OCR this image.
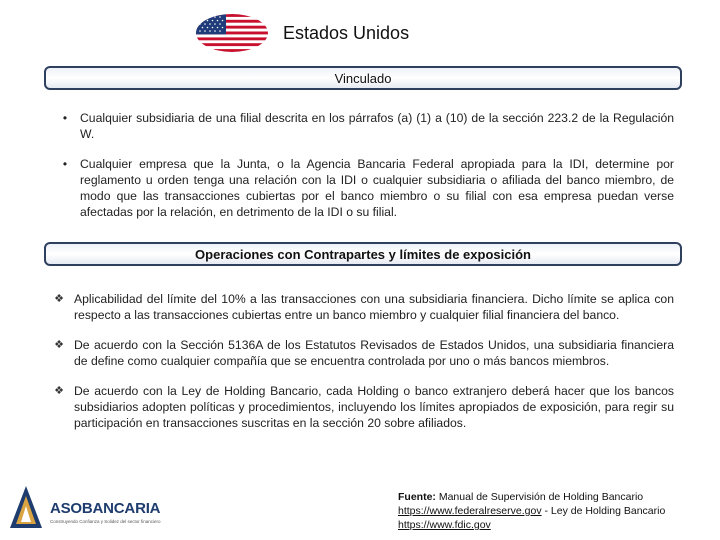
Estados Unidos
Vinculado
•	Cualquier subsidiaria de una filial descrita en los párrafos (a) (1) a (10) de la sección 223.2 de la Regulación W.
•	Cualquier empresa que la Junta, o la Agencia Bancaria Federal apropiada para la IDI, determine por reglamento u orden tenga una relación con la IDI o cualquier subsidiaria o afiliada del banco miembro, de modo que las transacciones cubiertas por el banco miembro o su filial con esa empresa puedan verse afectadas por la relación, en detrimento de la IDI o su filial.
Operaciones con Contrapartes y límites de exposición
❖ Aplicabilidad del límite del 10% a las transacciones con una subsidiaria financiera. Dicho límite se aplica con respecto a las transacciones cubiertas entre un banco miembro y cualquier filial financiera del banco.
❖ De acuerdo con la Sección 5136A de los Estatutos Revisados de Estados Unidos, una subsidiaria financiera de define como cualquier compañía que se encuentra controlada por uno o más bancos miembros.
❖ De acuerdo con la Ley de Holding Bancario, cada Holding o banco extranjero deberá hacer que los bancos subsidiarios adopten políticas y procedimientos, incluyendo los límites apropiados de exposición, para regir su participación en transacciones suscritas en la sección 20 sobre afiliados.
ASOBANCARIA
Construyendo Confianza y Solidez del sector financiero
Fuente: Manual de Supervisión de Holding Bancario
https://www.federalreserve.gov - Ley de Holding Bancario
https://www.fdic.gov
